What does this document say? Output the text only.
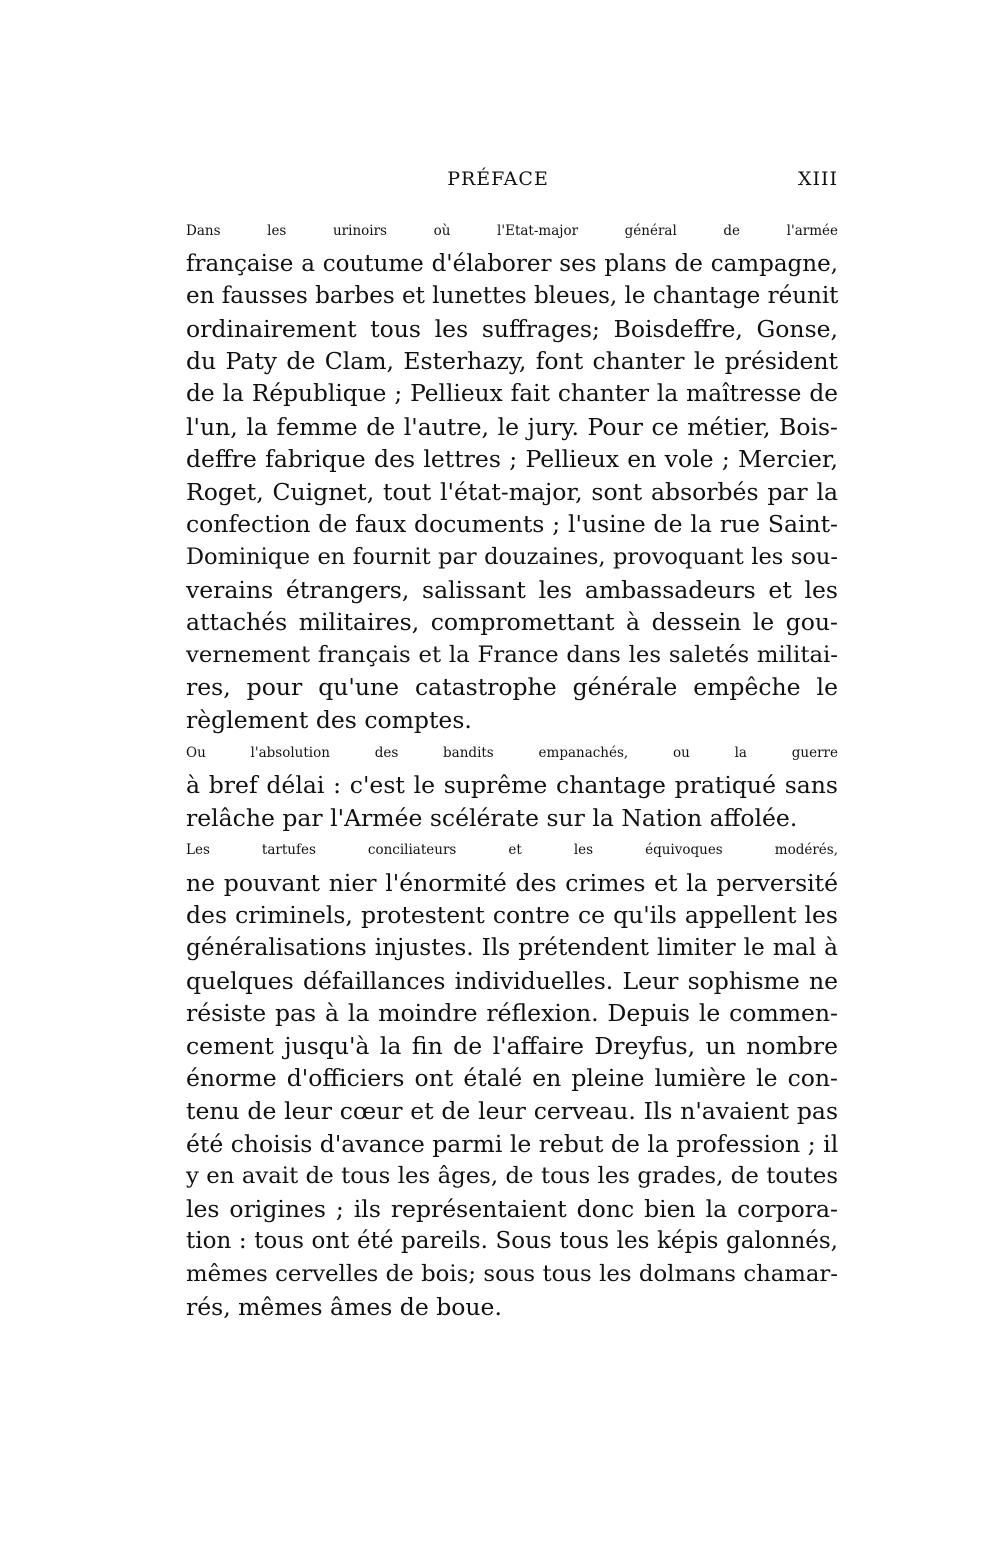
PRÉFACE	XIII

Dans les urinoirs où l'Etat-major général de l'armée
française a coutume d'élaborer ses plans de campagne,
en fausses barbes et lunettes bleues, le chantage réunit
ordinairement tous les suffrages; Boisdeffre, Gonse,
du Paty de Clam, Esterhazy, font chanter le président
de la République ; Pellieux fait chanter la maîtresse de
l'un, la femme de l'autre, le jury. Pour ce métier, Bois-
deffre fabrique des lettres ; Pellieux en vole ; Mercier,
Roget, Cuignet, tout l'état-major, sont absorbés par la
confection de faux documents ; l'usine de la rue Saint-
Dominique en fournit par douzaines, provoquant les sou-
verains étrangers, salissant les ambassadeurs et les
attachés militaires, compromettant à dessein le gou-
vernement français et la France dans les saletés militai-
res, pour qu'une catastrophe générale empêche le
règlement des comptes.

Ou l'absolution des bandits empanachés, ou la guerre
à bref délai : c'est le suprême chantage pratiqué sans
relâche par l'Armée scélérate sur la Nation affolée.

Les tartufes conciliateurs et les équivoques modérés,
ne pouvant nier l'énormité des crimes et la perversité
des criminels, protestent contre ce qu'ils appellent les
généralisations injustes. Ils prétendent limiter le mal à
quelques défaillances individuelles. Leur sophisme ne
résiste pas à la moindre réflexion. Depuis le commen-
cement jusqu'à la fin de l'affaire Dreyfus, un nombre
énorme d'officiers ont étalé en pleine lumière le con-
tenu de leur cœur et de leur cerveau. Ils n'avaient pas
été choisis d'avance parmi le rebut de la profession ; il
y en avait de tous les âges, de tous les grades, de toutes
les origines ; ils représentaient donc bien la corpora-
tion : tous ont été pareils. Sous tous les képis galonnés,
mêmes cervelles de bois; sous tous les dolmans chamar-
rés, mêmes âmes de boue.
